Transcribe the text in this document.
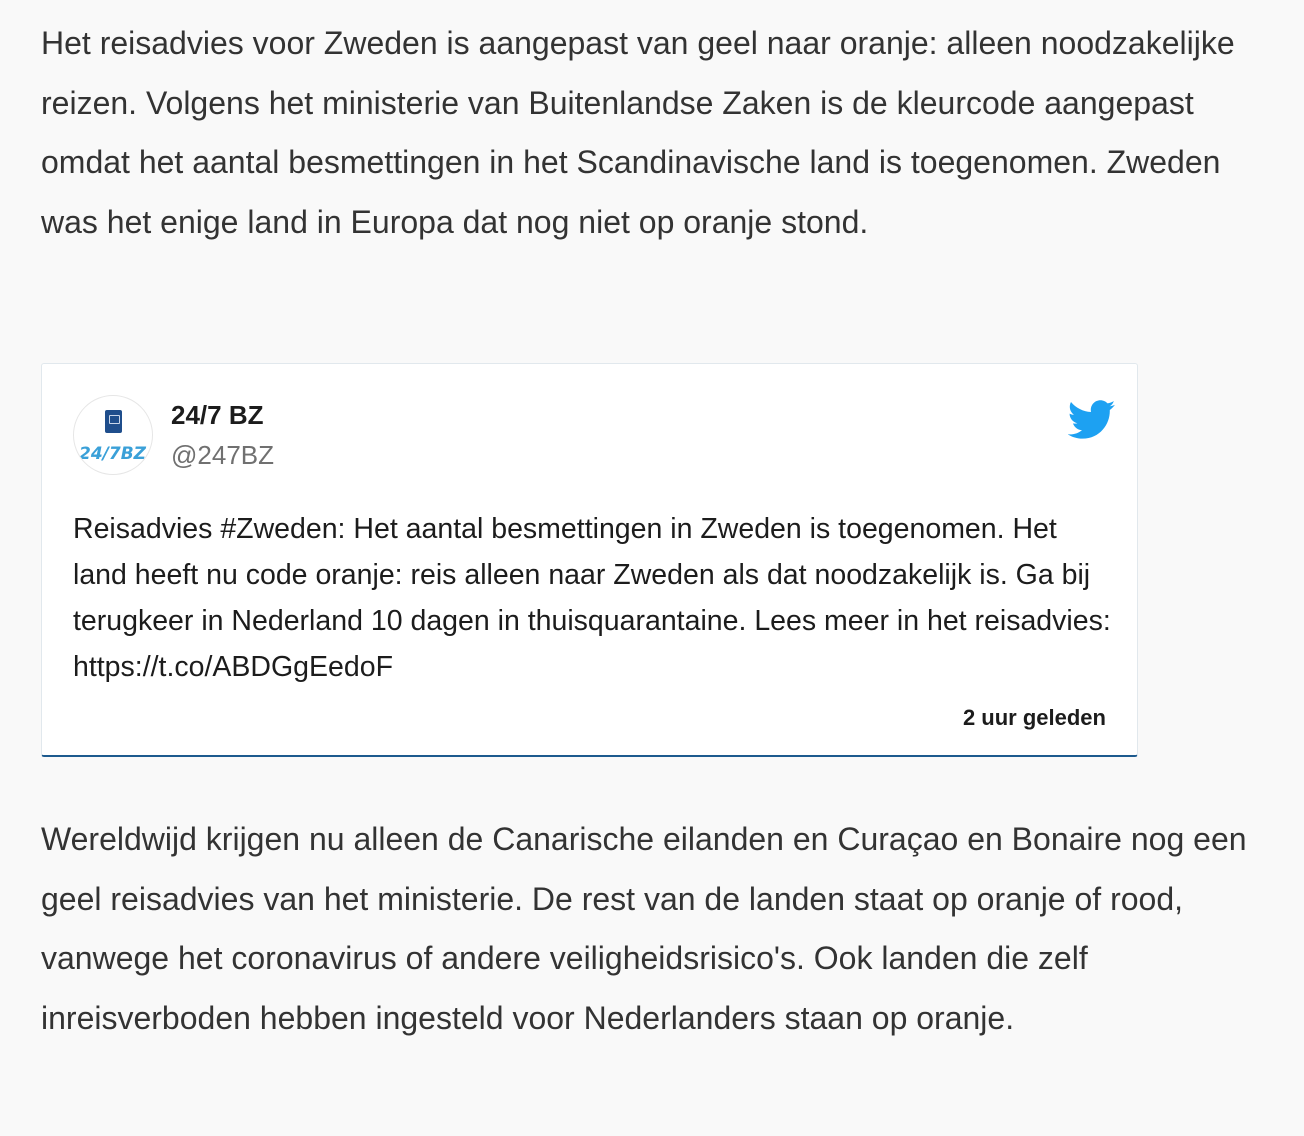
Het reisadvies voor Zweden is aangepast van geel naar oranje: alleen noodzakelijke reizen. Volgens het ministerie van Buitenlandse Zaken is de kleurcode aangepast omdat het aantal besmettingen in het Scandinavische land is toegenomen. Zweden was het enige land in Europa dat nog niet op oranje stond.

24/7BZ
24/7 BZ
@247BZ

Reisadvies #Zweden: Het aantal besmettingen in Zweden is toegenomen. Het land heeft nu code oranje: reis alleen naar Zweden als dat noodzakelijk is. Ga bij terugkeer in Nederland 10 dagen in thuisquarantaine. Lees meer in het reisadvies: https://t.co/ABDGgEedoF

2 uur geleden

Wereldwijd krijgen nu alleen de Canarische eilanden en Curaçao en Bonaire nog een geel reisadvies van het ministerie. De rest van de landen staat op oranje of rood, vanwege het coronavirus of andere veiligheidsrisico's. Ook landen die zelf inreisverboden hebben ingesteld voor Nederlanders staan op oranje.
